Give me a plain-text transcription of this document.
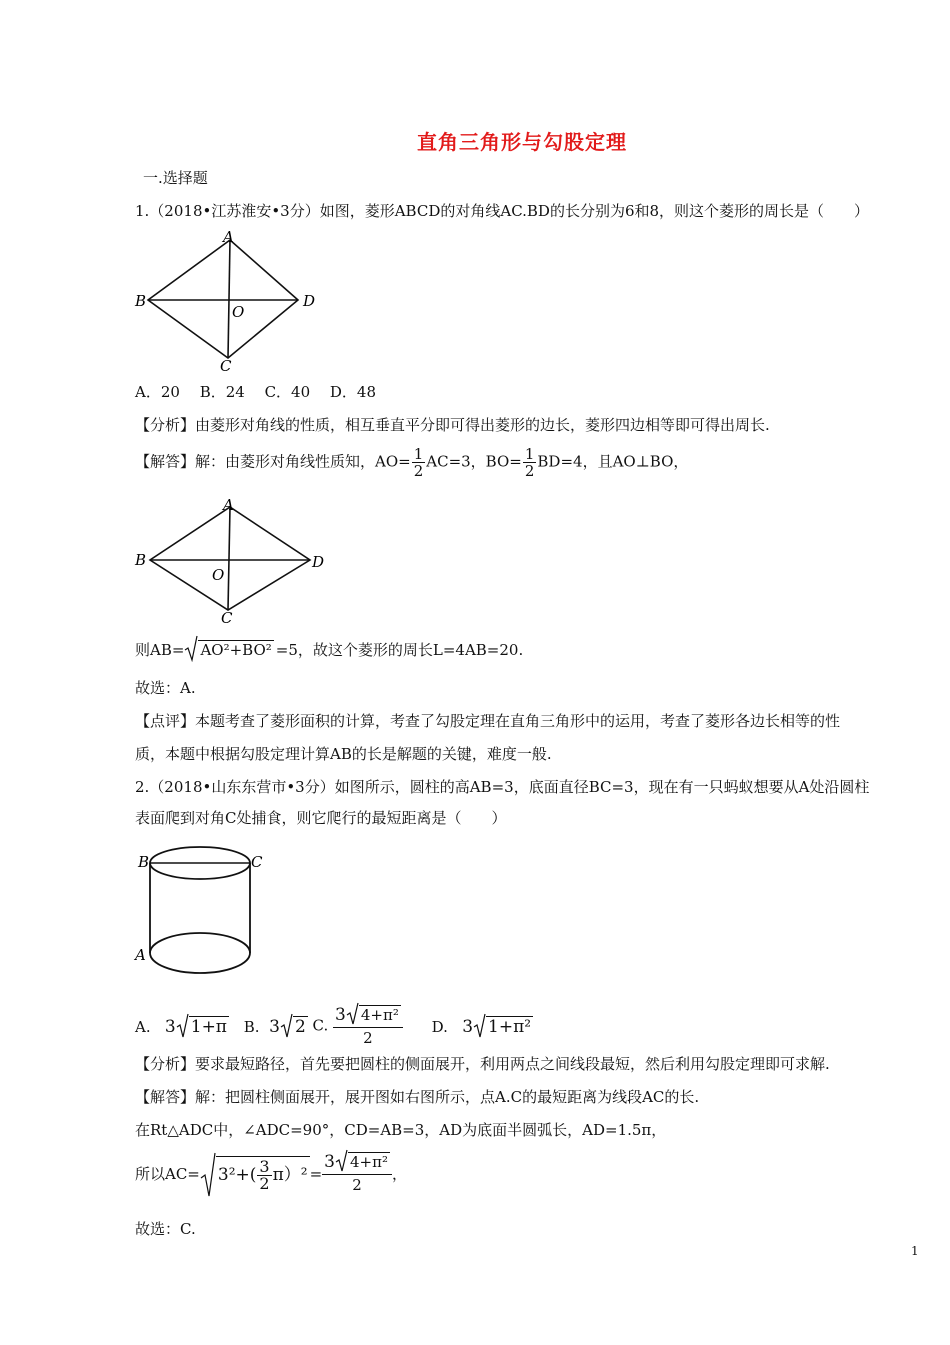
直角三角形与勾股定理
一.选择题
1.（2018•江苏淮安•3分）如图，菱形ABCD的对角线AC.BD的长分别为6和8，则这个菱形的周长是（　　）
A
B
O
C
D
A．20　 B．24　 C．40　 D．48
【分析】由菱形对角线的性质，相互垂直平分即可得出菱形的边长，菱形四边相等即可得出周长.
【解答】解：由菱形对角线性质知，$AO= \frac{1}{2} AC=3$，$BO= \frac{1}{2} BD=4$，且AO⊥BO，
A
B
O
C
D
则AB= AO²+BO² =5，故这个菱形的周长L=4AB=20.
故选：A.
【点评】本题考查了菱形面积的计算，考查了勾股定理在直角三角形中的运用，考查了菱形各边长相等的性
质，本题中根据勾股定理计算AB的长是解题的关键，难度一般.
2.（2018•山东东营市•3分）如图所示，圆柱的高AB=3，底面直径BC=3，现在有一只蚂蚁想要从A处沿圆柱
表面爬到对角C处捕食，则它爬行的最短距离是（　　）
B	C
A
A. 3 1+π B. 3 2 C. $\frac{\text{3 4+π²}}{2} D$. 3 1+π²
【分析】要求最短路径，首先要把圆柱的侧面展开，利用两点之间线段最短，然后利用勾股定理即可求解.
【解答】解：把圆柱侧面展开，展开图如右图所示，点A.C的最短距离为线段AC的长.
在Rt△ADC中，∠ADC=90°，CD=AB=3，AD为底面半圆弧长，AD=1.5π，
所以$AC= 3^2+( \frac{3}{2} \pi)^2 = \frac{\text{3 4+π²}}{2}$ ，
故选：C.
1
